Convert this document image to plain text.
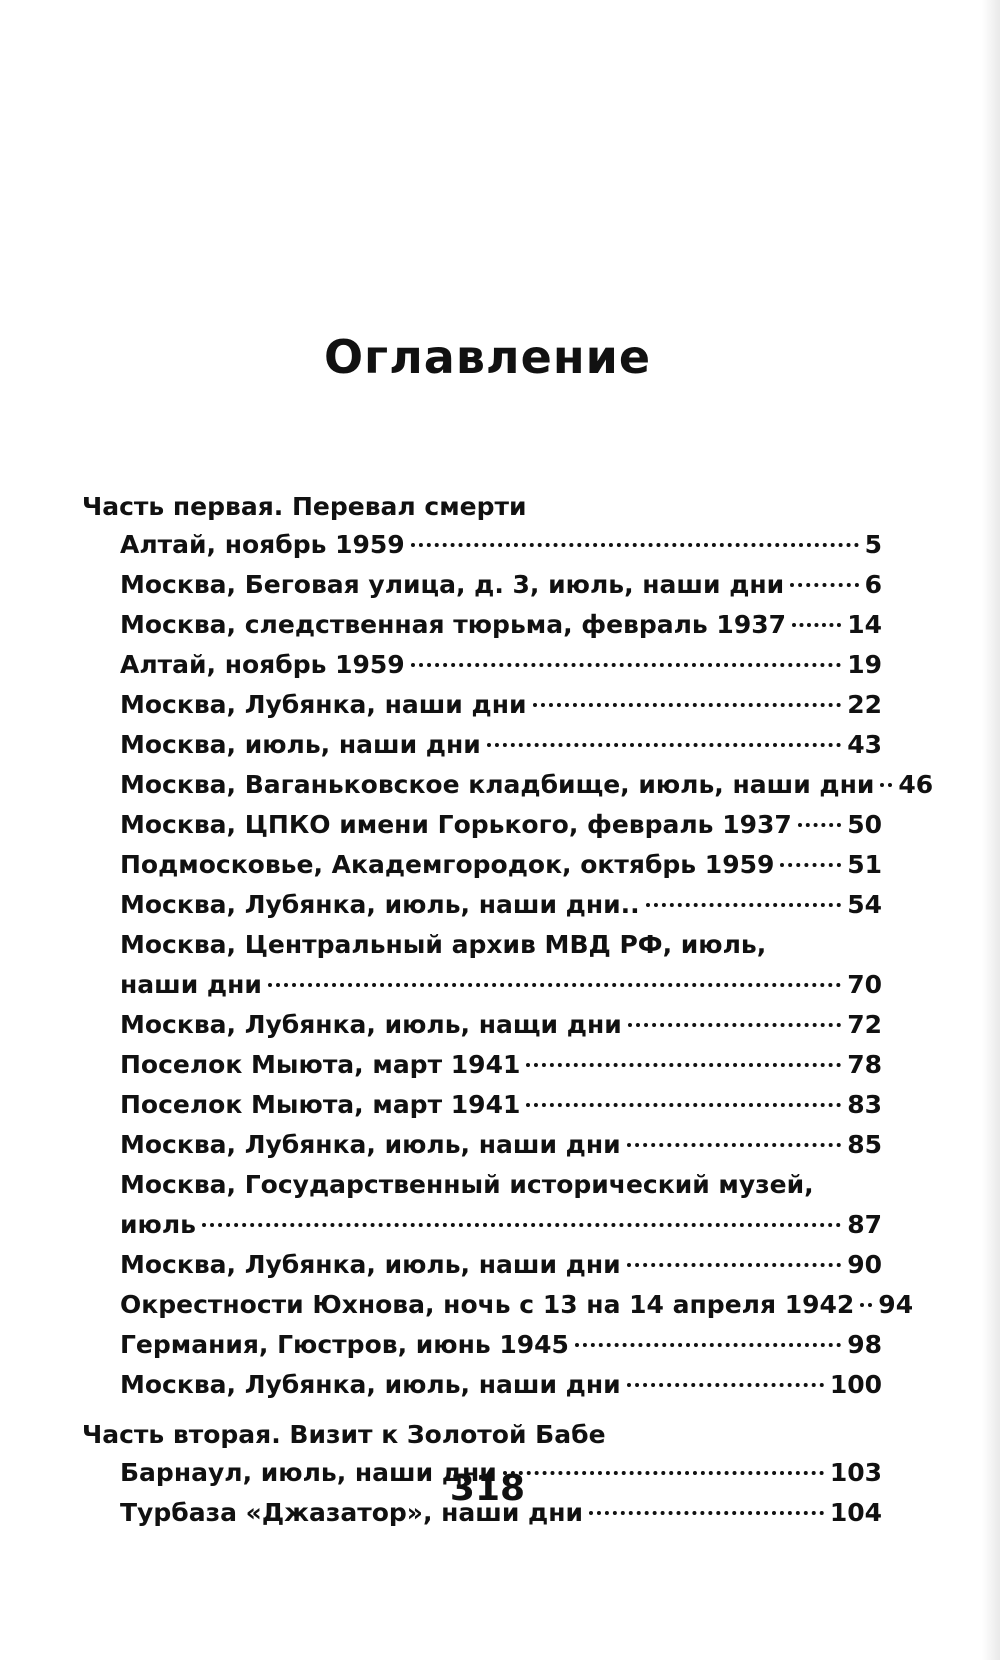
Оглавление
Часть первая. Перевал смерти
Алтай, ноябрь 1959	5
Москва, Беговая улица, д. 3, июль, наши дни	6
Москва, следственная тюрьма, февраль 1937 14
Алтай, ноябрь 1959	19
Москва, Лубянка, наши дни	22
Москва, июль, наши дни	43
Москва, Ваганьковское кладбище, июль, наши дни 46
Москва, ЦПКО имени Горького, февраль 1937 50
Подмосковье, Академгородок, октябрь 1959	51
Москва, Лубянка, июль, наши дни..	54
Москва, Центральный архив МВД РФ, июль,
наши дни	70
Москва, Лубянка, июль, нащи дни	72
Поселок Мыюта, март 1941	78
Поселок Мыюта, март 1941	83
Москва, Лубянка, июль, наши дни	85
Москва, Государственный исторический музей,
июль	87
Москва, Лубянка, июль, наши дни	90
Окрестности Юхнова, ночь с 13 на 14 апреля 1942 94
Германия, Гюстров, июнь 1945	98
Москва, Лубянка, июль, наши дни	100
Часть вторая. Визит к Золотой Бабе
Барнаул, июль, наши дни	103
Турбаза «Джазатор», наши дни	104
318
